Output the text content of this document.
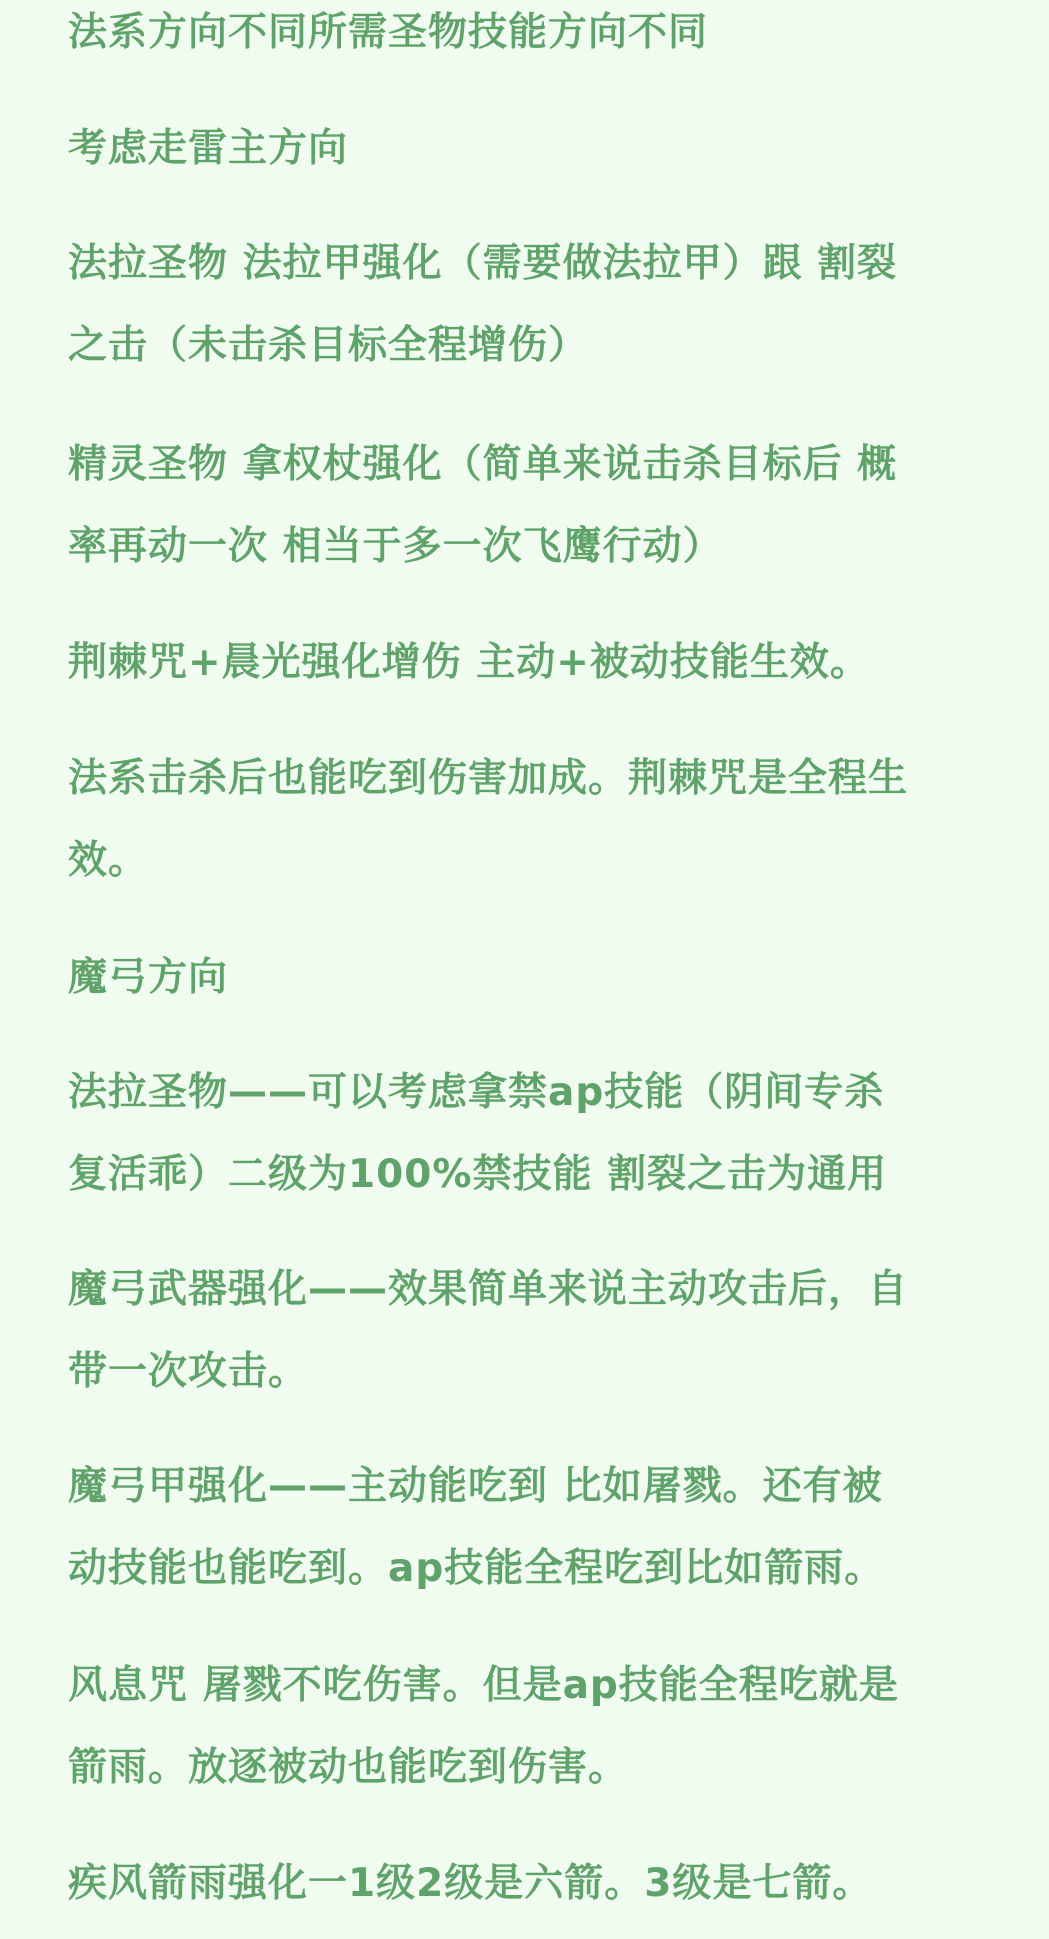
法系方向不同所需圣物技能方向不同

考虑走雷主方向

法拉圣物 法拉甲强化（需要做法拉甲）跟 割裂
之击（未击杀目标全程增伤）

精灵圣物 拿权杖强化（简单来说击杀目标后 概
率再动一次 相当于多一次飞鹰行动）

荆棘咒+晨光强化增伤 主动+被动技能生效。

法系击杀后也能吃到伤害加成。荆棘咒是全程生
效。

魔弓方向

法拉圣物——可以考虑拿禁ap技能（阴间专杀
复活乖）二级为100%禁技能 割裂之击为通用

魔弓武器强化——效果简单来说主动攻击后，自
带一次攻击。

魔弓甲强化——主动能吃到 比如屠戮。还有被
动技能也能吃到。ap技能全程吃到比如箭雨。

风息咒 屠戮不吃伤害。但是ap技能全程吃就是
箭雨。放逐被动也能吃到伤害。

疾风箭雨强化一1级2级是六箭。3级是七箭。
